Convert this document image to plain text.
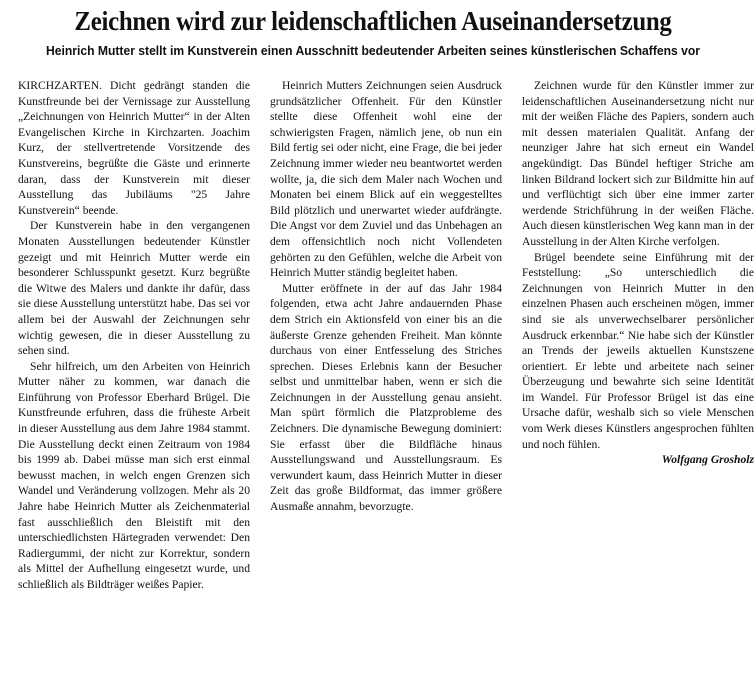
Zeichnen wird zur leidenschaftlichen Auseinandersetzung
Heinrich Mutter stellt im Kunstverein einen Ausschnitt bedeutender Arbeiten seines künstlerischen Schaffens vor

KIRCHZARTEN. Dicht gedrängt standen die Kunstfreunde bei der Vernissage zur Ausstellung „Zeichnungen von Heinrich Mutter“ in der Alten Evangelischen Kirche in Kirchzarten. Joachim Kurz, der stellvertretende Vorsitzende des Kunstvereins, begrüßte die Gäste und erinnerte daran, dass der Kunstverein mit dieser Ausstellung das Jubiläums "25 Jahre Kunstverein“ beende.

Der Kunstverein habe in den vergangenen Monaten Ausstellungen bedeutender Künstler gezeigt und mit Heinrich Mutter werde ein besonderer Schlusspunkt gesetzt. Kurz begrüßte die Witwe des Malers und dankte ihr dafür, dass sie diese Ausstellung unterstützt habe. Das sei vor allem bei der Auswahl der Zeichnungen sehr wichtig gewesen, die in dieser Ausstellung zu sehen sind.

Sehr hilfreich, um den Arbeiten von Heinrich Mutter näher zu kommen, war danach die Einführung von Professor Eberhard Brügel. Die Kunstfreunde erfuhren, dass die früheste Arbeit in dieser Ausstellung aus dem Jahre 1984 stammt. Die Ausstellung deckt einen Zeitraum von 1984 bis 1999 ab. Dabei müsse man sich erst einmal bewusst machen, in welch engen Grenzen sich Wandel und Veränderung vollzogen. Mehr als 20 Jahre habe Heinrich Mutter als Zeichenmaterial fast ausschließlich den Bleistift mit den unterschiedlichsten Härtegraden verwendet: Den Radiergummi, der nicht zur Korrektur, sondern als Mittel der Aufhellung eingesetzt wurde, und schließlich als Bildträger weißes Papier.

Heinrich Mutters Zeichnungen seien Ausdruck grundsätzlicher Offenheit. Für den Künstler stellte diese Offenheit wohl eine der schwierigsten Fragen, nämlich jene, ob nun ein Bild fertig sei oder nicht, eine Frage, die bei jeder Zeichnung immer wieder neu beantwortet werden wollte, ja, die sich dem Maler nach Wochen und Monaten bei einem Blick auf ein weggestelltes Bild plötzlich und unerwartet wieder aufdrängte. Die Angst vor dem Zuviel und das Unbehagen an dem offensichtlich noch nicht Vollendeten gehörten zu den Gefühlen, welche die Arbeit von Heinrich Mutter ständig begleitet haben.

Mutter eröffnete in der auf das Jahr 1984 folgenden, etwa acht Jahre andauernden Phase dem Strich ein Aktionsfeld von einer bis an die äußerste Grenze gehenden Freiheit. Man könnte durchaus von einer Entfesselung des Striches sprechen. Dieses Erlebnis kann der Besucher selbst und unmittelbar haben, wenn er sich die Zeichnungen in der Ausstellung genau ansieht. Man spürt förmlich die Platzprobleme des Zeichners. Die dynamische Bewegung dominiert: Sie erfasst über die Bildfläche hinaus Ausstellungswand und Ausstellungsraum. Es verwundert kaum, dass Heinrich Mutter in dieser Zeit das große Bildformat, das immer größere Ausmaße annahm, bevorzugte.

Zeichnen wurde für den Künstler immer zur leidenschaftlichen Auseinandersetzung nicht nur mit der weißen Fläche des Papiers, sondern auch mit dessen materialen Qualität. Anfang der neunziger Jahre hat sich erneut ein Wandel angekündigt. Das Bündel heftiger Striche am linken Bildrand lockert sich zur Bildmitte hin auf und verflüchtigt sich über eine immer zarter werdende Strichführung in der weißen Fläche. Auch diesen künstlerischen Weg kann man in der Ausstellung in der Alten Kirche verfolgen.

Brügel beendete seine Einführung mit der Feststellung: „So unterschiedlich die Zeichnungen von Heinrich Mutter in den einzelnen Phasen auch erscheinen mögen, immer sind sie als unverwechselbarer persönlicher Ausdruck erkennbar.“ Nie habe sich der Künstler an Trends der jeweils aktuellen Kunstszene orientiert. Er lebte und arbeitete nach seiner Überzeugung und bewahrte sich seine Identität im Wandel. Für Professor Brügel ist das eine Ursache dafür, weshalb sich so viele Menschen vom Werk dieses Künstlers angesprochen fühlten und noch fühlen.

Wolfgang Grosholz
